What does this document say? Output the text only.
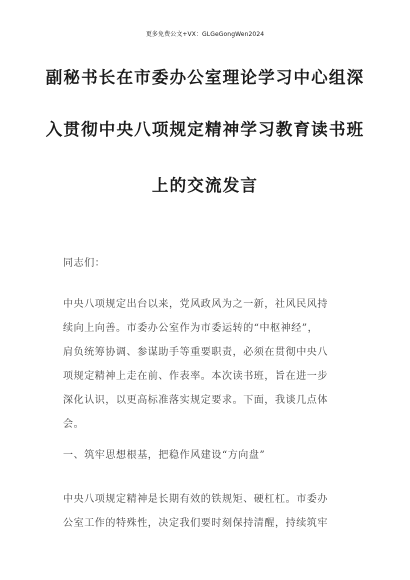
更多免费公文+VX：GLGeGongWen2024
副秘书长在市委办公室理论学习中心组深
入贯彻中央八项规定精神学习教育读书班
上的交流发言
同志们：
中央八项规定出台以来，党风政风为之一新，社风民风持
续向上向善。市委办公室作为市委运转的“中枢神经”，
肩负统筹协调、参谋助手等重要职责，必须在贯彻中央八
项规定精神上走在前、作表率。本次读书班，旨在进一步
深化认识，以更高标准落实规定要求。下面，我谈几点体
会。
一、筑牢思想根基，把稳作风建设“方向盘”
中央八项规定精神是长期有效的铁规矩、硬杠杠。市委办
公室工作的特殊性，决定我们要时刻保持清醒，持续筑牢
